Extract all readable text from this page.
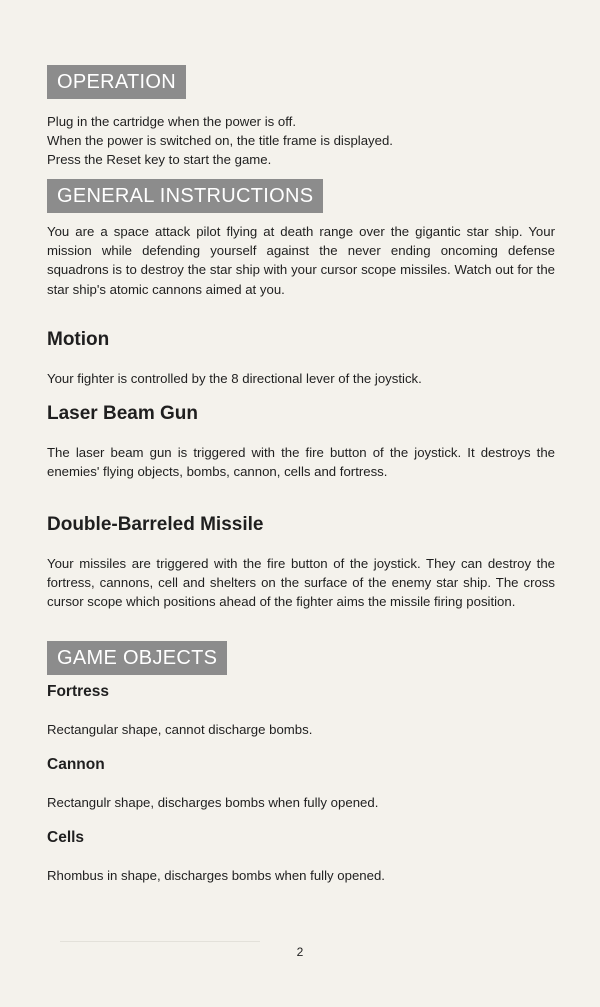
OPERATION

Plug in the cartridge when the power is off.
When the power is switched on, the title frame is displayed.
Press the Reset key to start the game.

GENERAL INSTRUCTIONS

You are a space attack pilot flying at death range over the gigantic star ship. Your mission while defending yourself against the never ending oncoming defense squadrons is to destroy the star ship with your cursor scope missiles. Watch out for the star ship's atomic cannons aimed at you.

Motion

Your fighter is controlled by the 8 directional lever of the joystick.

Laser Beam Gun

The laser beam gun is triggered with the fire button of the joystick. It destroys the enemies' flying objects, bombs, cannon, cells and fortress.

Double-Barreled Missile

Your missiles are triggered with the fire button of the joystick. They can destroy the fortress, cannons, cell and shelters on the surface of the enemy star ship. The cross cursor scope which positions ahead of the fighter aims the missile firing position.

GAME OBJECTS
Fortress

Rectangular shape, cannot discharge bombs.

Cannon

Rectangulr shape, discharges bombs when fully opened.

Cells

Rhombus in shape, discharges bombs when fully opened.

2
